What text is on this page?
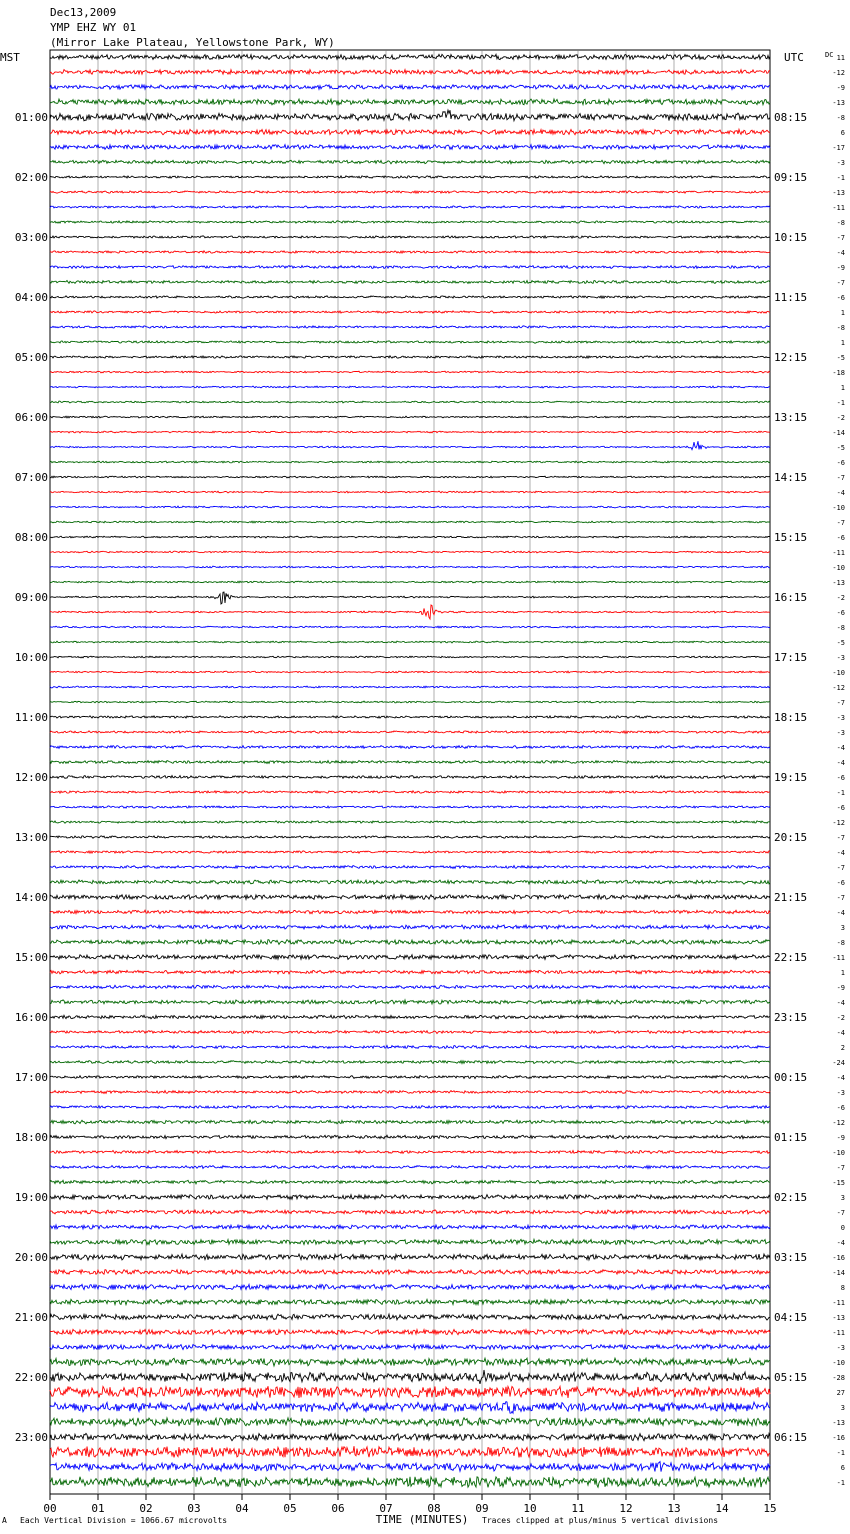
Dec13,2009
YMP EHZ WY 01
(Mirror Lake Plateau, Yellowstone Park, WY)
MST	UTC	DC
01:00
02:00
03:00
04:00
05:00
06:00
07:00
08:00
09:00
10:00
11:00
12:00
13:00
14:00
15:00
16:00
17:00
18:00
19:00
20:00
21:00
22:00
23:00
08:15
09:15
10:15
11:15
12:15
13:15
14:15
15:15
16:15
17:15
18:15
19:15
20:15
21:15
22:15
23:15
00:15
01:15
02:15
03:15
04:15
05:15
06:15
11
-12
-9
-13
-8
6
-17
-3
-1
-13
-11
-8
-7
-4
-9
-7
-6
1
-8
1
-5
-18
1
-1
-2
-14
-5
-6
-7
-4
-10
-7
-6
-11
-10
-13
-2
-6
-8
-5
-3
-10
-12
-7
-3
-3
-4
-4
-6
-1
-6
-12
-7
-4
-7
-6
-7
-4
3
-8
-11
1
-9
-4
-2
-4
2
-24
-4
-3
-6
-12
-9
-10
-7
-15
3
-7
0
-4
-16
-14
8
-11
-13
-11
-3
-10
-28
27
3
-13
-16
-1
6
-1
00	01	02	03	04	05	06	07	08	09	10	11	12	13	14	15
TIME (MINUTES)
A Each Vertical Division = 1066.67 microvolts	Traces clipped at plus/minus 5 vertical divisions
